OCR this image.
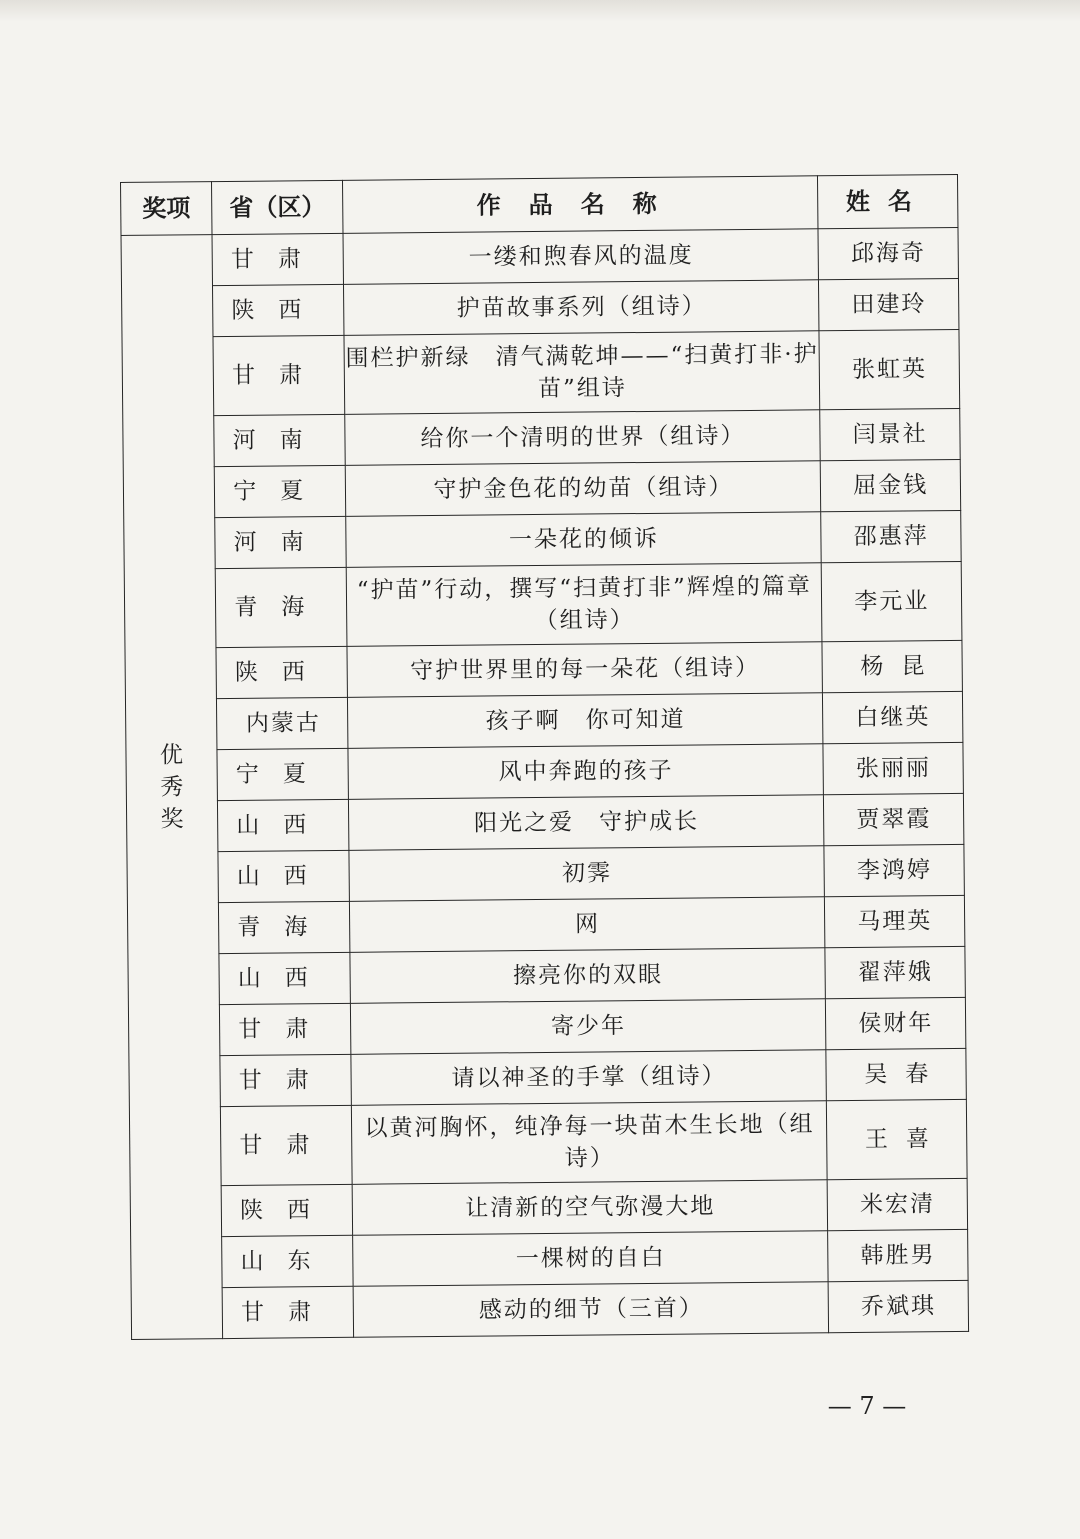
奖项	省（区）	作品名称	姓名

优秀奖	甘肃	一缕和煦春风的温度	邱海奇
	陕西	护苗故事系列（组诗）	田建玲
	甘肃	围栏护新绿　清气满乾坤——“扫黄打非·护苗”组诗	张虹英
	河南	给你一个清明的世界（组诗）	闫景社
	宁夏	守护金色花的幼苗（组诗）	屈金钱
	河南	一朵花的倾诉	邵惠萍
	青海	“护苗”行动，撰写“扫黄打非”辉煌的篇章（组诗）	李元业
	陕西	守护世界里的每一朵花（组诗）	杨昆
	内蒙古	孩子啊　你可知道	白继英
	宁夏	风中奔跑的孩子	张丽丽
	山西	阳光之爱　守护成长	贾翠霞
	山西	初霁	李鸿婷
	青海	网	马理英
	山西	擦亮你的双眼	翟萍娥
	甘肃	寄少年	侯财年
	甘肃	请以神圣的手掌（组诗）	吴春
	甘肃	以黄河胸怀，纯净每一块苗木生长地（组诗）	王喜
	陕西	让清新的空气弥漫大地	米宏清
	山东	一棵树的自白	韩胜男
	甘肃	感动的细节（三首）	乔斌琪
— 7 —
